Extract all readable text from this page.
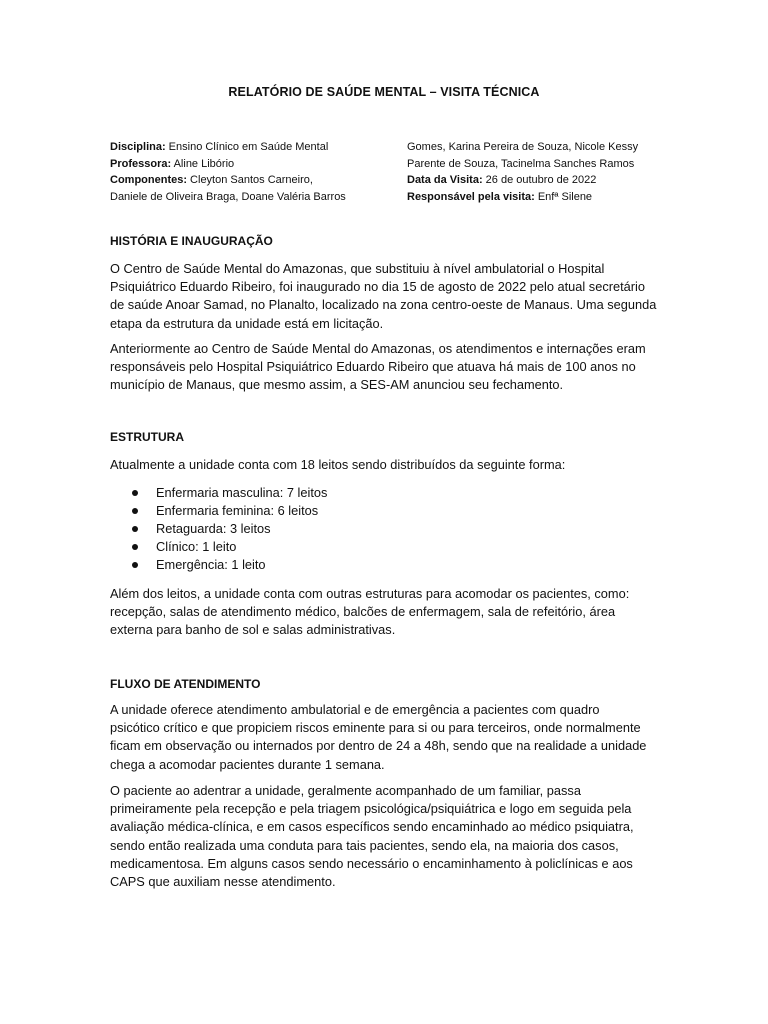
RELATÓRIO DE SAÚDE MENTAL – VISITA TÉCNICA
Disciplina: Ensino Clínico em Saúde Mental
Professora: Aline Libório
Componentes: Cleyton Santos Carneiro,
Daniele de Oliveira Braga, Doane Valéria Barros
Gomes, Karina Pereira de Souza, Nicole Kessy
Parente de Souza, Tacinelma Sanches Ramos
Data da Visita: 26 de outubro de 2022
Responsável pela visita: Enfª Silene
HISTÓRIA E INAUGURAÇÃO
O Centro de Saúde Mental do Amazonas, que substituiu à nível ambulatorial o Hospital
Psiquiátrico Eduardo Ribeiro, foi inaugurado no dia 15 de agosto de 2022 pelo atual secretário
de saúde Anoar Samad, no Planalto, localizado na zona centro-oeste de Manaus. Uma segunda
etapa da estrutura da unidade está em licitação.
Anteriormente ao Centro de Saúde Mental do Amazonas, os atendimentos e internações eram
responsáveis pelo Hospital Psiquiátrico Eduardo Ribeiro que atuava há mais de 100 anos no
município de Manaus, que mesmo assim, a SES-AM anunciou seu fechamento.
ESTRUTURA
Atualmente a unidade conta com 18 leitos sendo distribuídos da seguinte forma:
Enfermaria masculina: 7 leitos
Enfermaria feminina: 6 leitos
Retaguarda: 3 leitos
Clínico: 1 leito
Emergência: 1 leito
Além dos leitos, a unidade conta com outras estruturas para acomodar os pacientes, como:
recepção, salas de atendimento médico, balcões de enfermagem, sala de refeitório, área
externa para banho de sol e salas administrativas.
FLUXO DE ATENDIMENTO
A unidade oferece atendimento ambulatorial e de emergência a pacientes com quadro
psicótico crítico e que propiciem riscos eminente para si ou para terceiros, onde normalmente
ficam em observação ou internados por dentro de 24 a 48h, sendo que na realidade a unidade
chega a acomodar pacientes durante 1 semana.
O paciente ao adentrar a unidade, geralmente acompanhado de um familiar, passa
primeiramente pela recepção e pela triagem psicológica/psiquiátrica e logo em seguida pela
avaliação médica-clínica, e em casos específicos sendo encaminhado ao médico psiquiatra,
sendo então realizada uma conduta para tais pacientes, sendo ela, na maioria dos casos,
medicamentosa. Em alguns casos sendo necessário o encaminhamento à policlínicas e aos
CAPS que auxiliam nesse atendimento.
